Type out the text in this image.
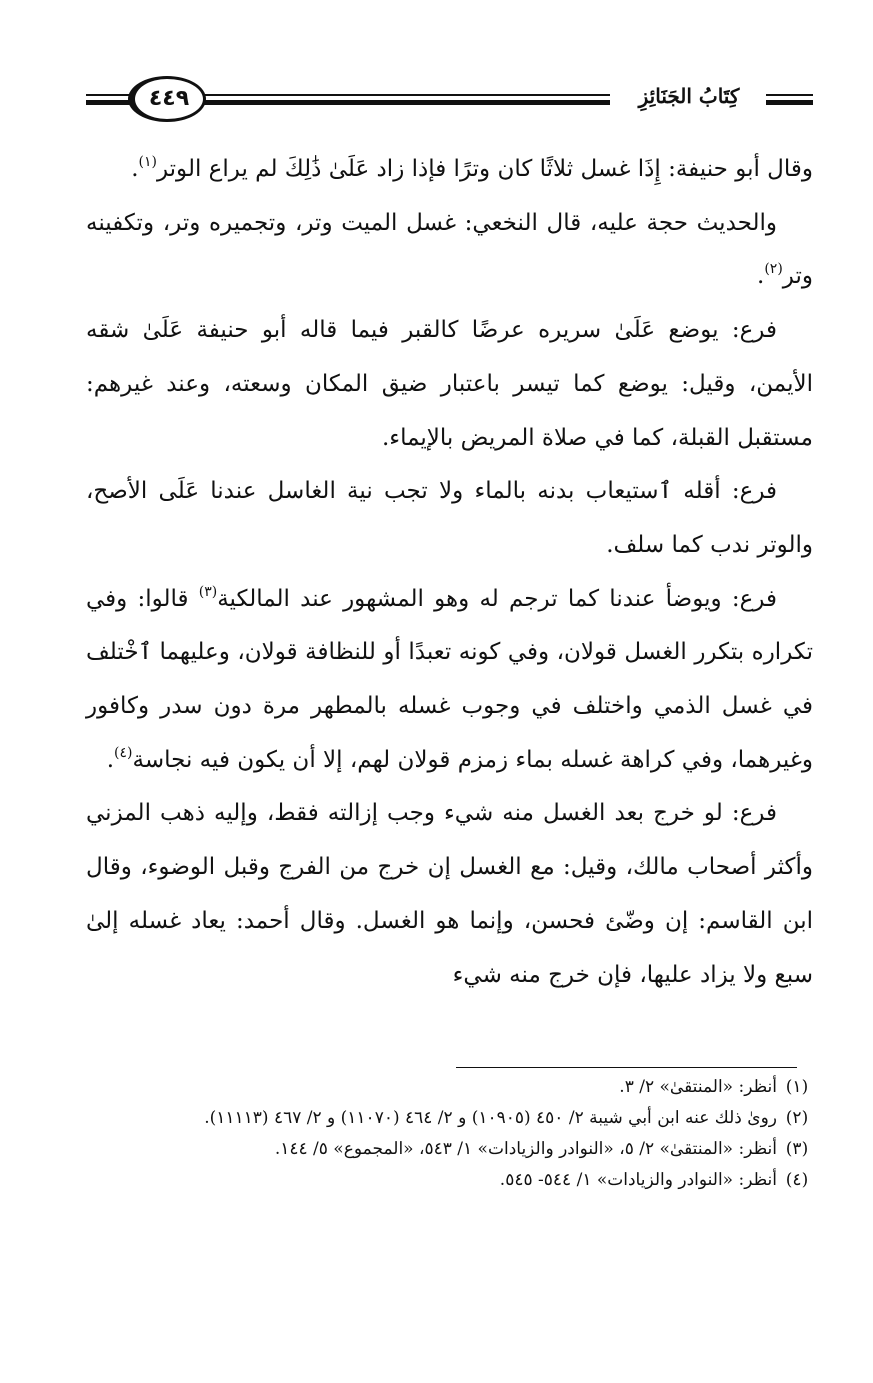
٤٤٩	كِتَابُ الجَنَائِزِ

وقال أبو حنيفة: إِذَا غسل ثلاثًا كان وترًا فإذا زاد عَلَىٰ ذَٰلِكَ لم يراع الوتر$^{(١)}$.

والحديث حجة عليه، قال النخعي: غسل الميت وتر، وتجميره وتر، وتكفينه وتر$^{(٢)}$.

فرع: يوضع عَلَىٰ سريره عرضًا كالقبر فيما قاله أبو حنيفة عَلَىٰ شقه الأيمن، وقيل: يوضع كما تيسر باعتبار ضيق المكان وسعته، وعند غيرهم: مستقبل القبلة، كما في صلاة المريض بالإيماء.

فرع: أقله ٱستيعاب بدنه بالماء ولا تجب نية الغاسل عندنا عَلَى الأصح، والوتر ندب كما سلف.

فرع: ويوضأ عندنا كما ترجم له وهو المشهور عند المالكية$^{(٣)}$ قالوا: وفي تكراره بتكرر الغسل قولان، وفي كونه تعبدًا أو للنظافة قولان، وعليهما ٱخْتلف في غسل الذمي واختلف في وجوب غسله بالمطهر مرة دون سدر وكافور وغيرهما، وفي كراهة غسله بماء زمزم قولان لهم، إلا أن يكون فيه نجاسة$^{(٤)}$.

فرع: لو خرج بعد الغسل منه شيء وجب إزالته فقط، وإليه ذهب المزني وأكثر أصحاب مالك، وقيل: مع الغسل إن خرج من الفرج وقبل الوضوء، وقال ابن القاسم: إن وضّئ فحسن، وإنما هو الغسل. وقال أحمد: يعاد غسله إلىٰ سبع ولا يزاد عليها، فإن خرج منه شيء

(١)
أنظر: «المنتقىٰ» ٢/ ٣.

(٢)
روىٰ ذلك عنه ابن أبي شيبة ٢/ ٤٥٠ (١٠٩٠٥) و ٢/ ٤٦٤ (١١٠٧٠) و ٢/ ٤٦٧ (١١١١٣).

(٣)
أنظر: «المنتقىٰ» ٢/ ٥، «النوادر والزيادات» ١/ ٥٤٣، «المجموع» ٥/ ١٤٤.

(٤)
أنظر: «النوادر والزيادات» ١/ ٥٤٤- ٥٤٥.
